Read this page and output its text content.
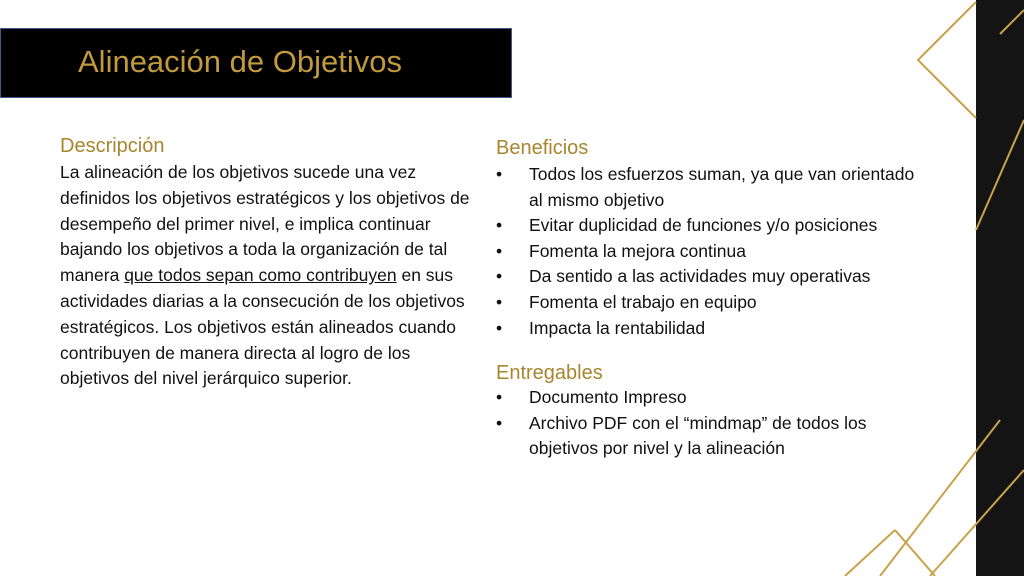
Alineación de Objetivos
Descripción
La alineación de los objetivos sucede una vez definidos los objetivos estratégicos y los objetivos de desempeño del primer nivel, e implica continuar bajando los objetivos a toda la organización de tal manera que todos sepan como contribuyen en sus actividades diarias a la consecución de los objetivos estratégicos. Los objetivos están alineados cuando contribuyen de manera directa al logro de los objetivos del nivel jerárquico superior.
Beneficios
• Todos los esfuerzos suman, ya que van orientado al mismo objetivo
• Evitar duplicidad de funciones y/o posiciones
• Fomenta la mejora continua
• Da sentido a las actividades muy operativas
• Fomenta el trabajo en equipo
• Impacta la rentabilidad
Entregables
• Documento Impreso
• Archivo PDF con el “mindmap” de todos los objetivos por nivel y la alineación
